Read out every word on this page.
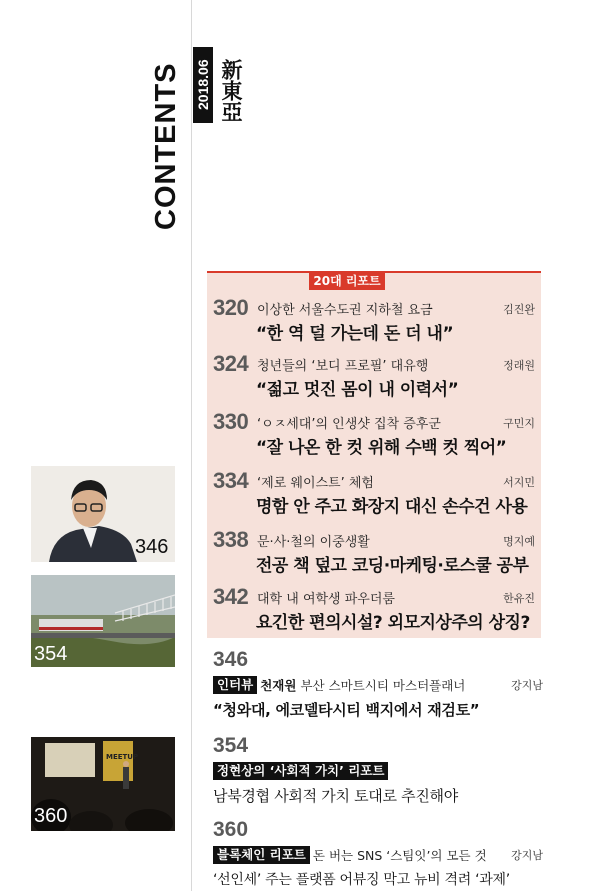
CONTENTS 2018.06 新東亞
346
354
MEETUP
360
20대 리포트
320 이상한 서울수도권 지하철 요금	김진완
“한 역 덜 가는데 돈 더 내”
324 청년들의 ‘보디 프로필’ 대유행	정래원
“젊고 멋진 몸이 내 이력서”
330 ‘ㅇㅈ세대’의 인생샷 집착 증후군	구민지
“잘 나온 한 컷 위해 수백 컷 찍어”
334 ‘제로 웨이스트’ 체험	서지민
명함 안 주고 화장지 대신 손수건 사용
338 문·사·철의 이중생활	명지예
전공 책 덮고 코딩·마케팅·로스쿨 공부
342 대학 내 여학생 파우더룸	한유진
요긴한 편의시설? 외모지상주의 상징?
346
인터뷰 천재원 부산 스마트시티 마스터플래너	강지남
“청와대, 에코델타시티 백지에서 재검토”
354
정현상의 ‘사회적 가치’ 리포트
남북경협 사회적 가치 토대로 추진해야
360
블록체인 리포트 돈 버는 SNS ‘스팀잇’의 모든 것 강지남
‘선인세’ 주는 플랫폼 어뷰징 막고 뉴비 격려 ‘과제’
